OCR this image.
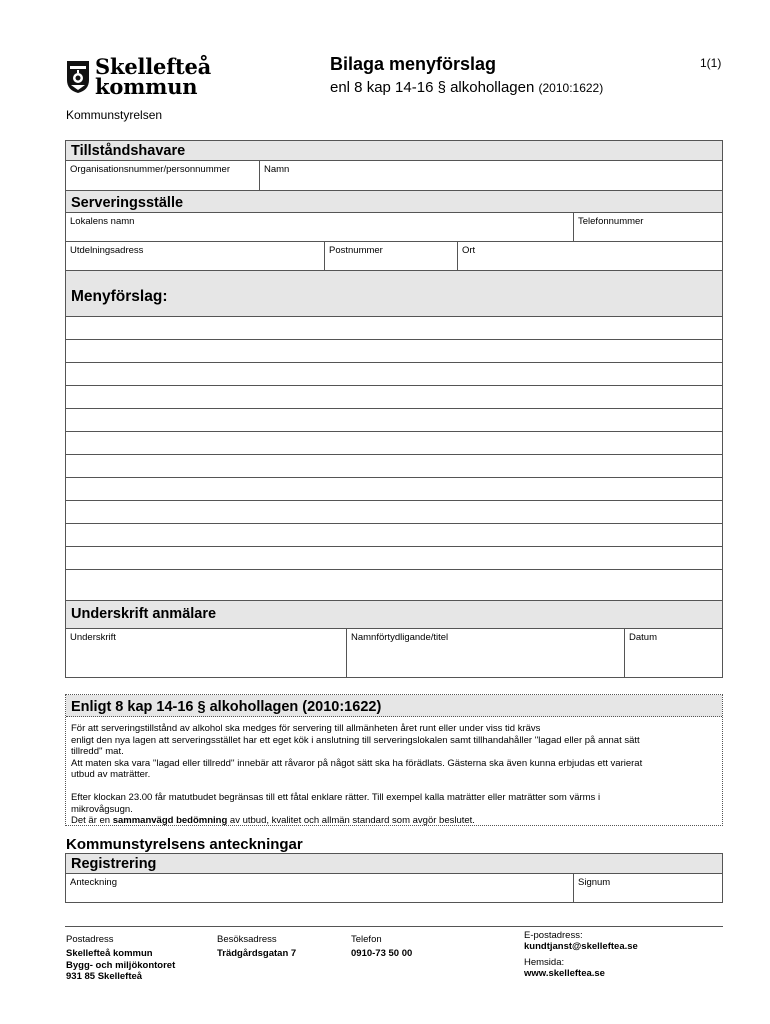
Skellefteå
kommun
Bilaga menyförslag
enl 8 kap 14-16 § alkohollagen (2010:1622)
1(1)
Kommunstyrelsen
Tillståndshavare
Organisationsnummer/personnummer	Namn
Serveringsställe
Lokalens namn	Telefonnummer
Utdelningsadress	Postnummer	Ort
Menyförslag:
Underskrift anmälare
Underskrift	Namnförtydligande/titel	Datum
Enligt 8 kap 14-16 § alkohollagen (2010:1622)
För att serveringstillstånd av alkohol ska medges för servering till allmänheten året runt eller under viss tid krävs
enligt den nya lagen att serveringsstället har ett eget kök i anslutning till serveringslokalen samt tillhandahåller ''lagad eller på annat sätt
tillredd'' mat.
Att maten ska vara ''lagad eller tillredd'' innebär att råvaror på något sätt ska ha förädlats. Gästerna ska även kunna erbjudas ett varierat
utbud av maträtter.
Efter klockan 23.00 får matutbudet begränsas till ett fåtal enklare rätter. Till exempel kalla maträtter eller maträtter som värms i
mikrovågsugn.
Det är en sammanvägd bedömning av utbud, kvalitet och allmän standard som avgör beslutet.
Kommunstyrelsens anteckningar
Registrering
Anteckning	Signum
Postadress
Skellefteå kommun
Bygg- och miljökontoret
931 85 Skellefteå
Besöksadress
Trädgårdsgatan 7
Telefon
0910-73 50 00
E-postadress:
kundtjanst@skelleftea.se
Hemsida:
www.skelleftea.se
